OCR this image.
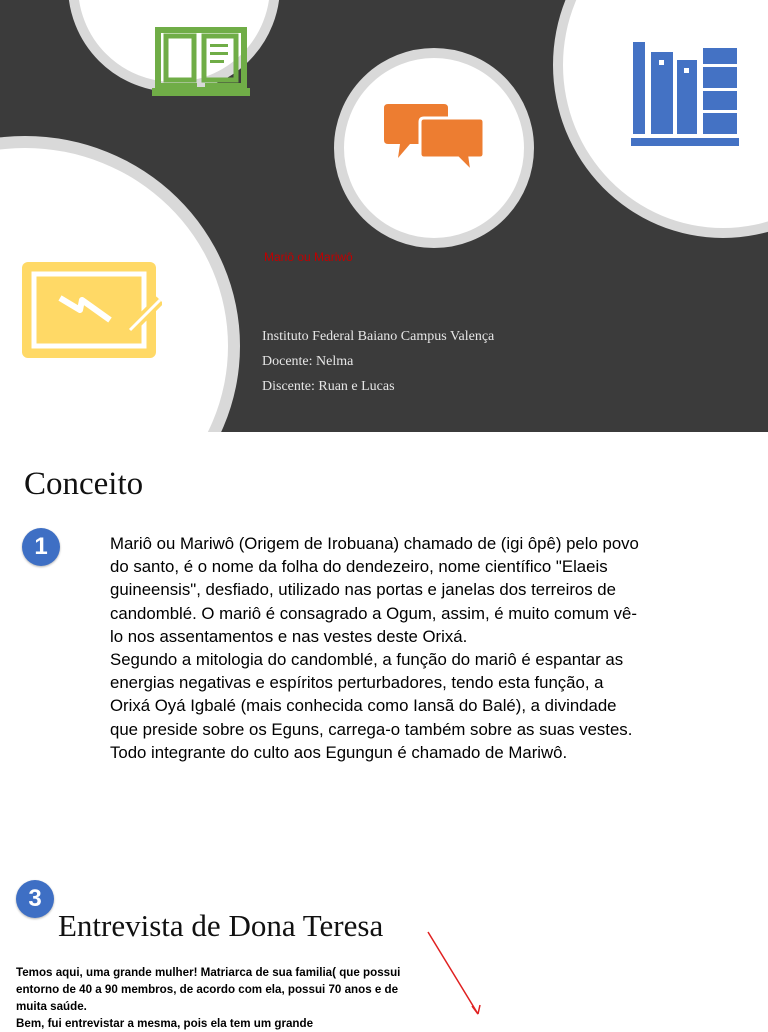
Mariô ou Mariwô
Instituto Federal Baiano Campus Valença
Docente: Nelma
Discente: Ruan e Lucas
Conceito
1	Mariô ou Mariwô (Origem de Irobuana) chamado de (igi ôpê) pelo povo do santo, é o nome da folha do dendezeiro, nome científico "Elaeis guineensis", desfiado, utilizado nas portas e janelas dos terreiros de candomblé. O mariô é consagrado a Ogum, assim, é muito comum vê-lo nos assentamentos e nas vestes deste Orixá.

Segundo a mitologia do candomblé, a função do mariô é espantar as energias negativas e espíritos perturbadores, tendo esta função, a Orixá Oyá Igbalé (mais conhecida como Iansã do Balé), a divindade que preside sobre os Eguns, carrega-o também sobre as suas vestes.

Todo integrante do culto aos Egungun é chamado de Mariwô.

3
Entrevista de Dona Teresa

Temos aqui, uma grande mulher! Matriarca de sua familia( que possui entorno de 40 a 90 membros, de acordo com ela, possui 70 anos e de muita saúde.

Bem, fui entrevistar a mesma, pois ela tem um grande
